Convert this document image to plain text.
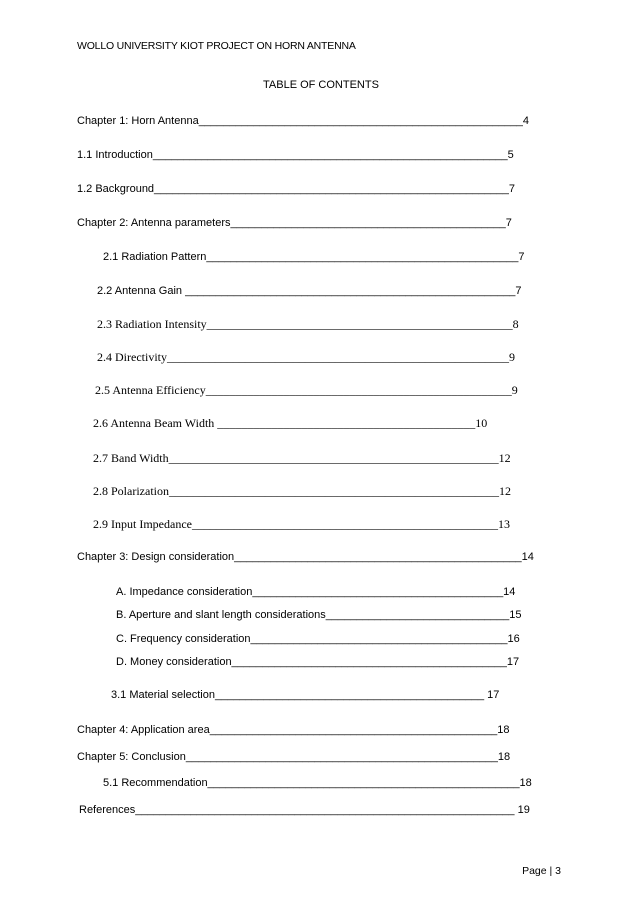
WOLLO UNIVERSITY KIOT PROJECT ON HORN ANTENNA
TABLE OF CONTENTS
Chapter 1: Horn Antenna_____________________________________________________4
1.1 Introduction__________________________________________________________5
1.2 Background__________________________________________________________7
Chapter 2: Antenna parameters_____________________________________________7
2.1 Radiation Pattern___________________________________________________7
2.2 Antenna Gain ______________________________________________________7
2.3 Radiation Intensity___________________________________________________8
2.4 Directivity_________________________________________________________9
2.5 Antenna Efficiency___________________________________________________9
2.6 Antenna Beam Width ___________________________________________10
2.7 Band Width_______________________________________________________12
2.8 Polarization_______________________________________________________12
2.9 Input Impedance___________________________________________________13
Chapter 3: Design consideration_______________________________________________14
A. Impedance consideration_________________________________________14
B. Aperture and slant length considerations______________________________15
C. Frequency consideration__________________________________________16
D. Money consideration_____________________________________________17
3.1 Material selection____________________________________________ 17
Chapter 4: Application area_______________________________________________18
Chapter 5: Conclusion___________________________________________________18
5.1 Recommendation___________________________________________________18
References______________________________________________________________ 19
Page | 3
